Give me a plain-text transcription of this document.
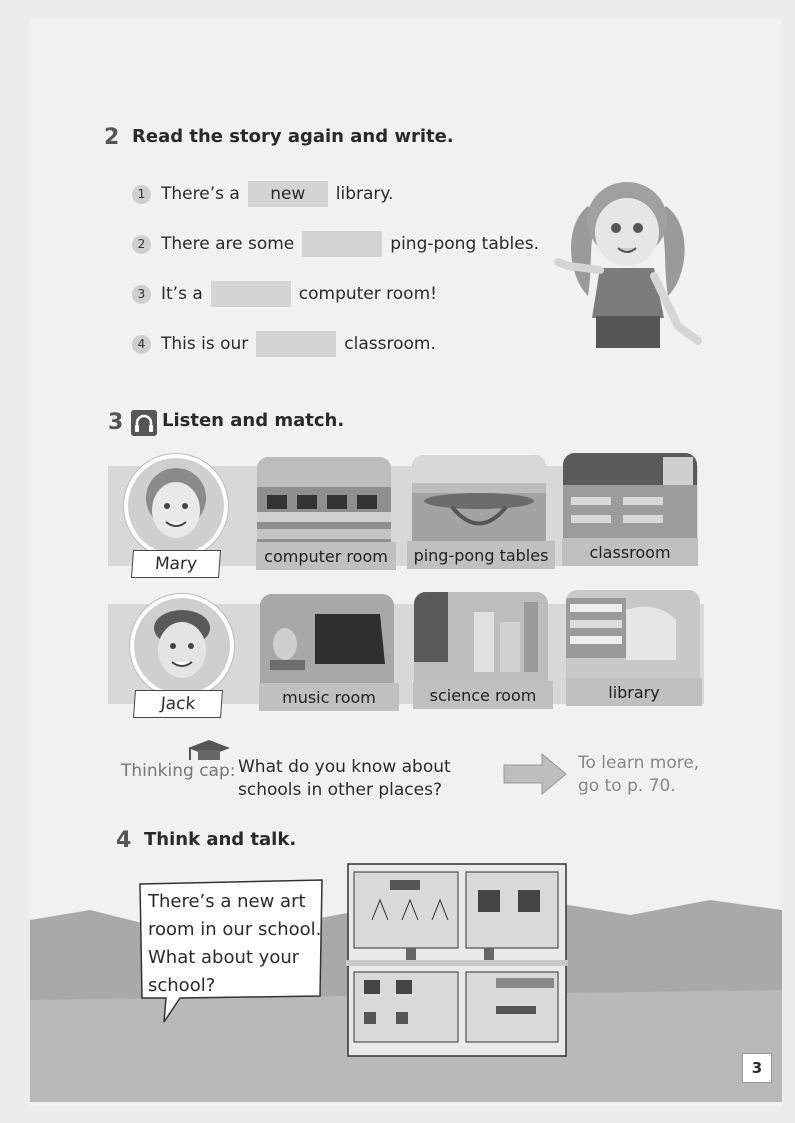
2 Read the story again and write.
1 There’s a	new	library.
2 There are some	ping-pong tables.
3 It’s a	computer room!
4 This is our	classroom.
3 Listen and match.
Mary	computer room	ping-pong tables	classroom
Jack	music room	science room	library
Thinking cap: What do you know about
schools in other places?
To learn more,
go to p. 70.
4 Think and talk.
There’s a new art
room in our school.
What about your
school?
3
